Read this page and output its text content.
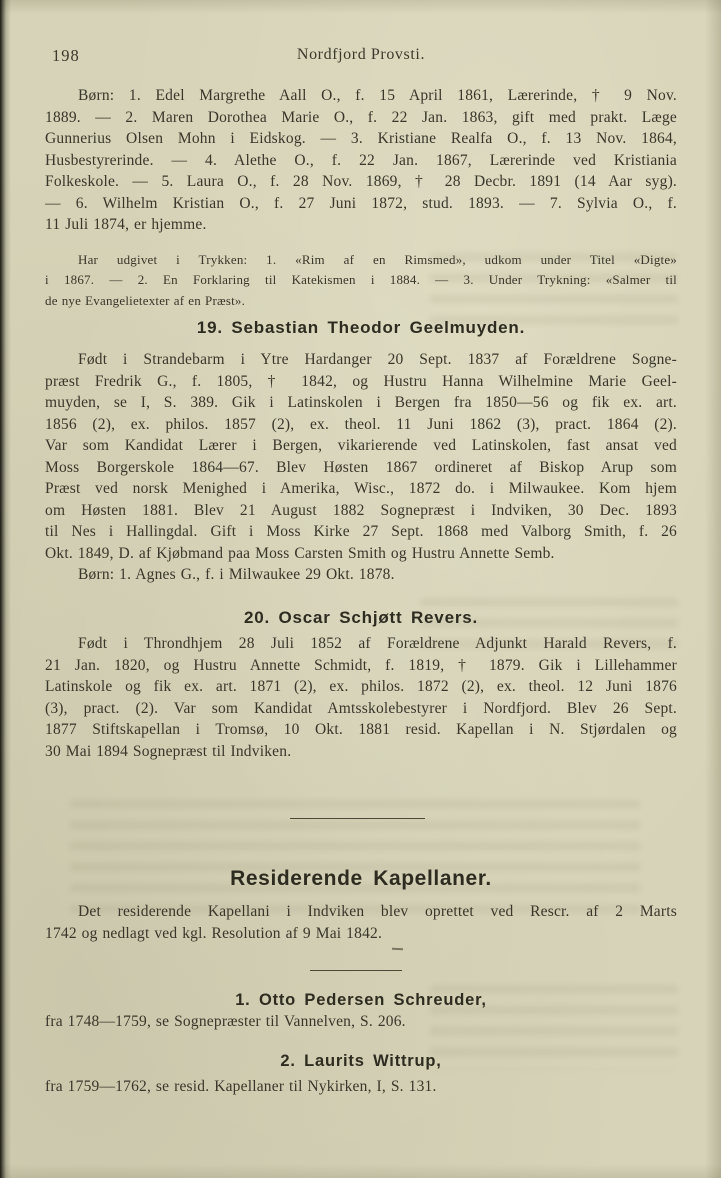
198	Nordfjord Provsti.
Børn: 1. Edel Margrethe Aall O., f. 15 April 1861, Lærerinde, † 9 Nov.
1889. — 2. Maren Dorothea Marie O., f. 22 Jan. 1863, gift med prakt. Læge
Gunnerius Olsen Mohn i Eidskog. — 3. Kristiane Realfa O., f. 13 Nov. 1864,
Husbestyrerinde. — 4. Alethe O., f. 22 Jan. 1867, Lærerinde ved Kristiania
Folkeskole. — 5. Laura O., f. 28 Nov. 1869, † 28 Decbr. 1891 (14 Aar syg).
— 6. Wilhelm Kristian O., f. 27 Juni 1872, stud. 1893. — 7. Sylvia O., f.
11 Juli 1874, er hjemme.
Har udgivet i Trykken: 1. «Rim af en Rimsmed», udkom under Titel «Digte»
i 1867. — 2. En Forklaring til Katekismen i 1884. — 3. Under Trykning: «Salmer til
de nye Evangelietexter af en Præst».
19. Sebastian Theodor Geelmuyden.
Født i Strandebarm i Ytre Hardanger 20 Sept. 1837 af Forældrene Sogne-
præst Fredrik G., f. 1805, † 1842, og Hustru Hanna Wilhelmine Marie Geel-
muyden, se I, S. 389. Gik i Latinskolen i Bergen fra 1850—56 og fik ex. art.
1856 (2), ex. philos. 1857 (2), ex. theol. 11 Juni 1862 (3), pract. 1864 (2).
Var som Kandidat Lærer i Bergen, vikarierende ved Latinskolen, fast ansat ved
Moss Borgerskole 1864—67. Blev Høsten 1867 ordineret af Biskop Arup som
Præst ved norsk Menighed i Amerika, Wisc., 1872 do. i Milwaukee. Kom hjem
om Høsten 1881. Blev 21 August 1882 Sognepræst i Indviken, 30 Dec. 1893
til Nes i Hallingdal. Gift i Moss Kirke 27 Sept. 1868 med Valborg Smith, f. 26
Okt. 1849, D. af Kjøbmand paa Moss Carsten Smith og Hustru Annette Semb.
Børn: 1. Agnes G., f. i Milwaukee 29 Okt. 1878.
20. Oscar Schjøtt Revers.
Født i Throndhjem 28 Juli 1852 af Forældrene Adjunkt Harald Revers, f.
21 Jan. 1820, og Hustru Annette Schmidt, f. 1819, † 1879. Gik i Lillehammer
Latinskole og fik ex. art. 1871 (2), ex. philos. 1872 (2), ex. theol. 12 Juni 1876
(3), pract. (2). Var som Kandidat Amtsskolebestyrer i Nordfjord. Blev 26 Sept.
1877 Stiftskapellan i Tromsø, 10 Okt. 1881 resid. Kapellan i N. Stjørdalen og
30 Mai 1894 Sognepræst til Indviken.
Residerende Kapellaner.
Det residerende Kapellani i Indviken blev oprettet ved Rescr. af 2 Marts
1742 og nedlagt ved kgl. Resolution af 9 Mai 1842.
1. Otto Pedersen Schreuder,
fra 1748—1759, se Sognepræster til Vannelven, S. 206.
2. Laurits Wittrup,
fra 1759—1762, se resid. Kapellaner til Nykirken, I, S. 131.
